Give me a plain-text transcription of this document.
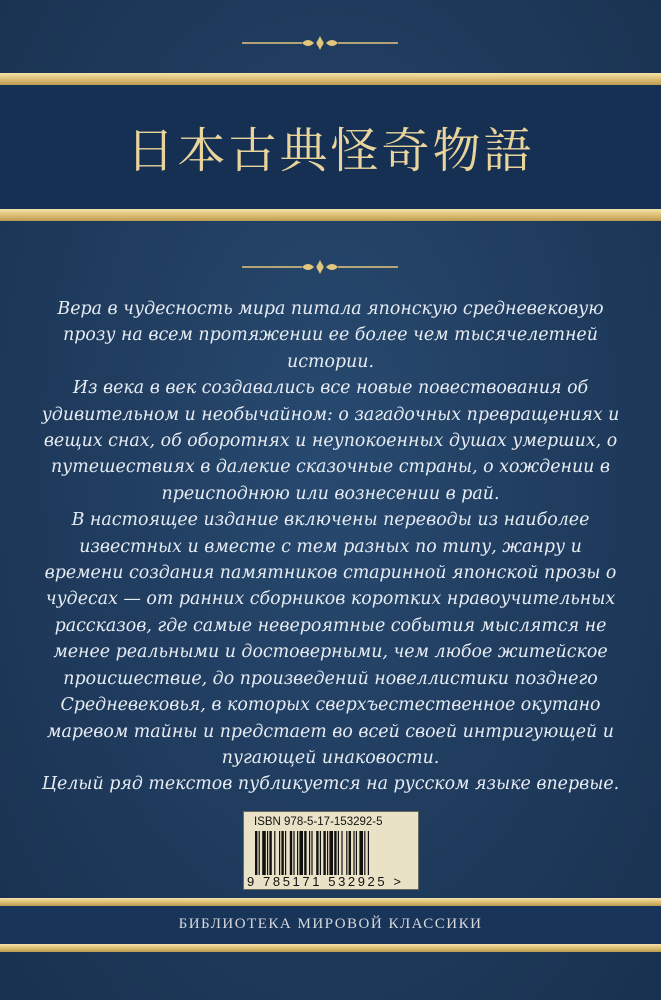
日本古典怪奇物語

Вера в чудесность мира питала японскую средневековую прозу на всем протяжении ее более чем тысячелетней истории.

Из века в век создавались все новые повествования об удивительном и необычайном: о загадочных превращениях и вещих снах, об оборотнях и неупокоенных душах умерших, о путешествиях в далекие сказочные страны, о хождении в преисподнюю или вознесении в рай.

В настоящее издание включены переводы из наиболее известных и вместе с тем разных по типу, жанру и времени создания памятников старинной японской прозы о чудесах — от ранних сборников коротких нравоучительных рассказов, где самые невероятные события мыслятся не менее реальными и достоверными, чем любое житейское происшествие, до произведений новеллистики позднего Средневековья, в которых сверхъестественное окутано маревом тайны и предстает во всей своей интригующей и пугающей инаковости.

Целый ряд текстов публикуется на русском языке впервые.

ISBN 978-5-17-153292-5
9 785171 532925 >
БИБЛИОТЕКА МИРОВОЙ КЛАССИКИ
